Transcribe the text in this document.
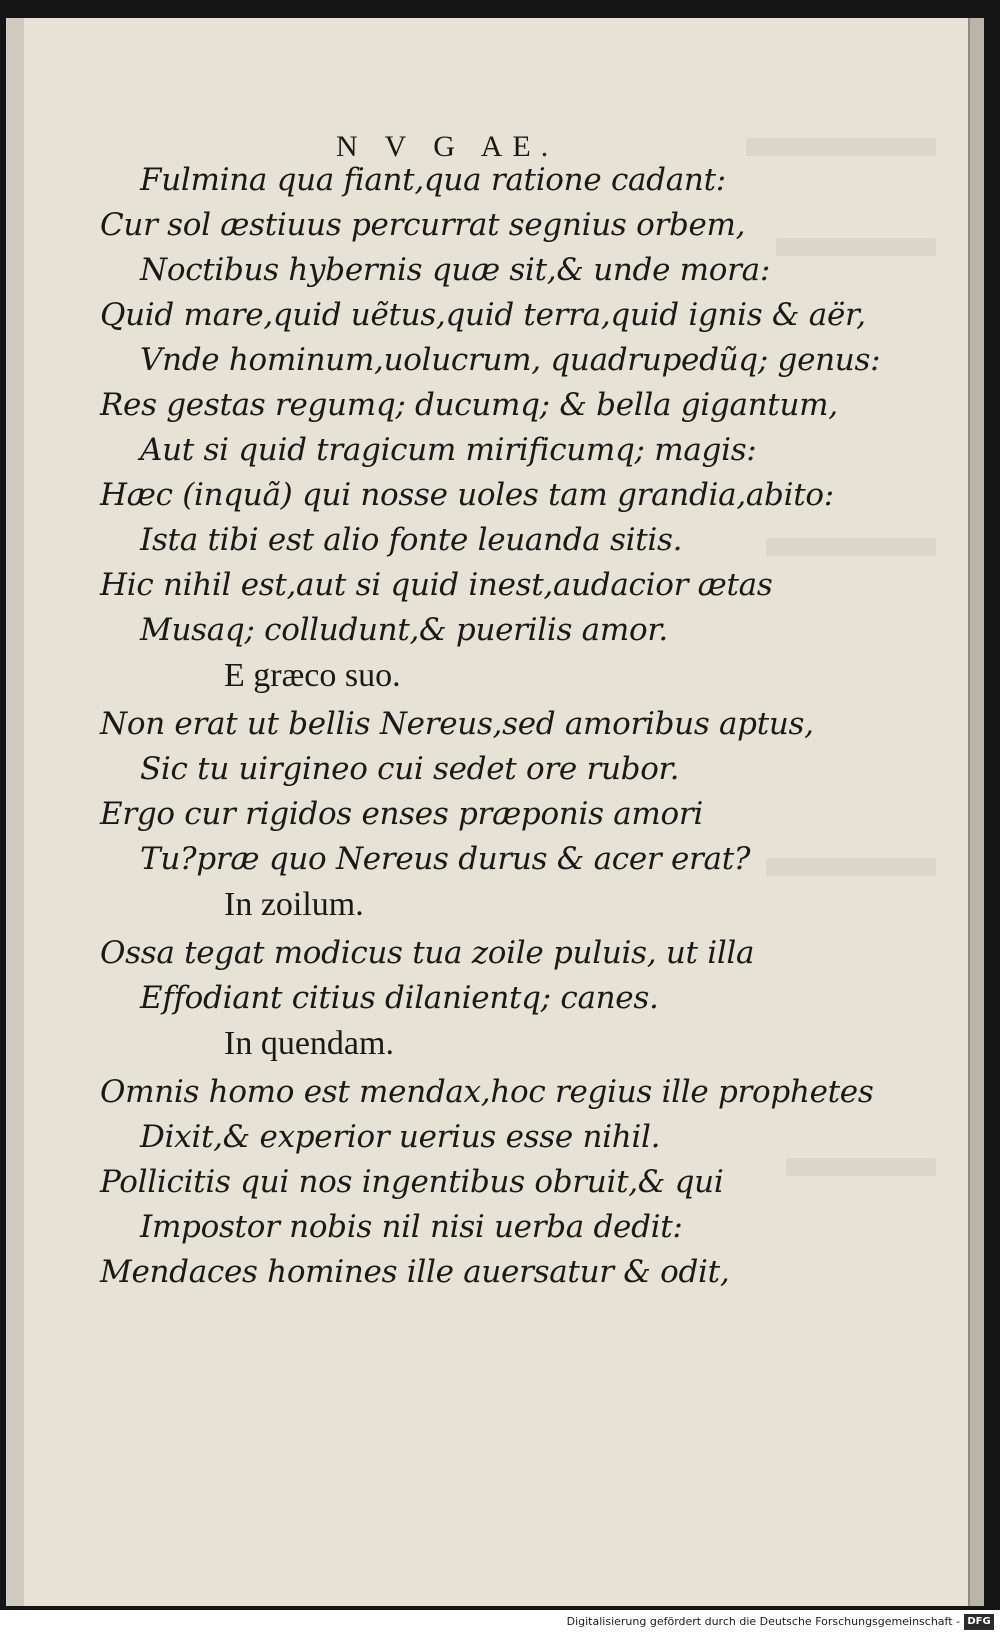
N V G AE.
Fulmina qua fiant,qua ratione cadant:
Cur sol æstiuus percurrat segnius orbem,
Noctibus hybernis quæ sit,& unde mora:
Quid mare,quid uẽtus,quid terra,quid ignis & aër,
Vnde hominum,uolucrum, quadrupedũq; genus:
Res gestas regumq; ducumq; & bella gigantum,
Aut si quid tragicum mirificumq; magis:
Hæc (inquã) qui nosse uoles tam grandia,abito:
Ista tibi est alio fonte leuanda sitis.
Hic nihil est,aut si quid inest,audacior ætas
Musaq; colludunt,& puerilis amor.
E græco suo.
Non erat ut bellis Nereus,sed amoribus aptus,
Sic tu uirgineo cui sedet ore rubor.
Ergo cur rigidos enses præponis amori
Tu?præ quo Nereus durus & acer erat?
In zoilum.
Ossa tegat modicus tua zoile puluis, ut illa
Effodiant citius dilanientq; canes.
In quendam.
Omnis homo est mendax,hoc regius ille prophetes
Dixit,& experior uerius esse nihil.
Pollicitis qui nos ingentibus obruit,& qui
Impostor nobis nil nisi uerba dedit:
Mendaces homines ille auersatur & odit,
Digitalisierung gefördert durch die Deutsche Forschungsgemeinschaft - DFG
